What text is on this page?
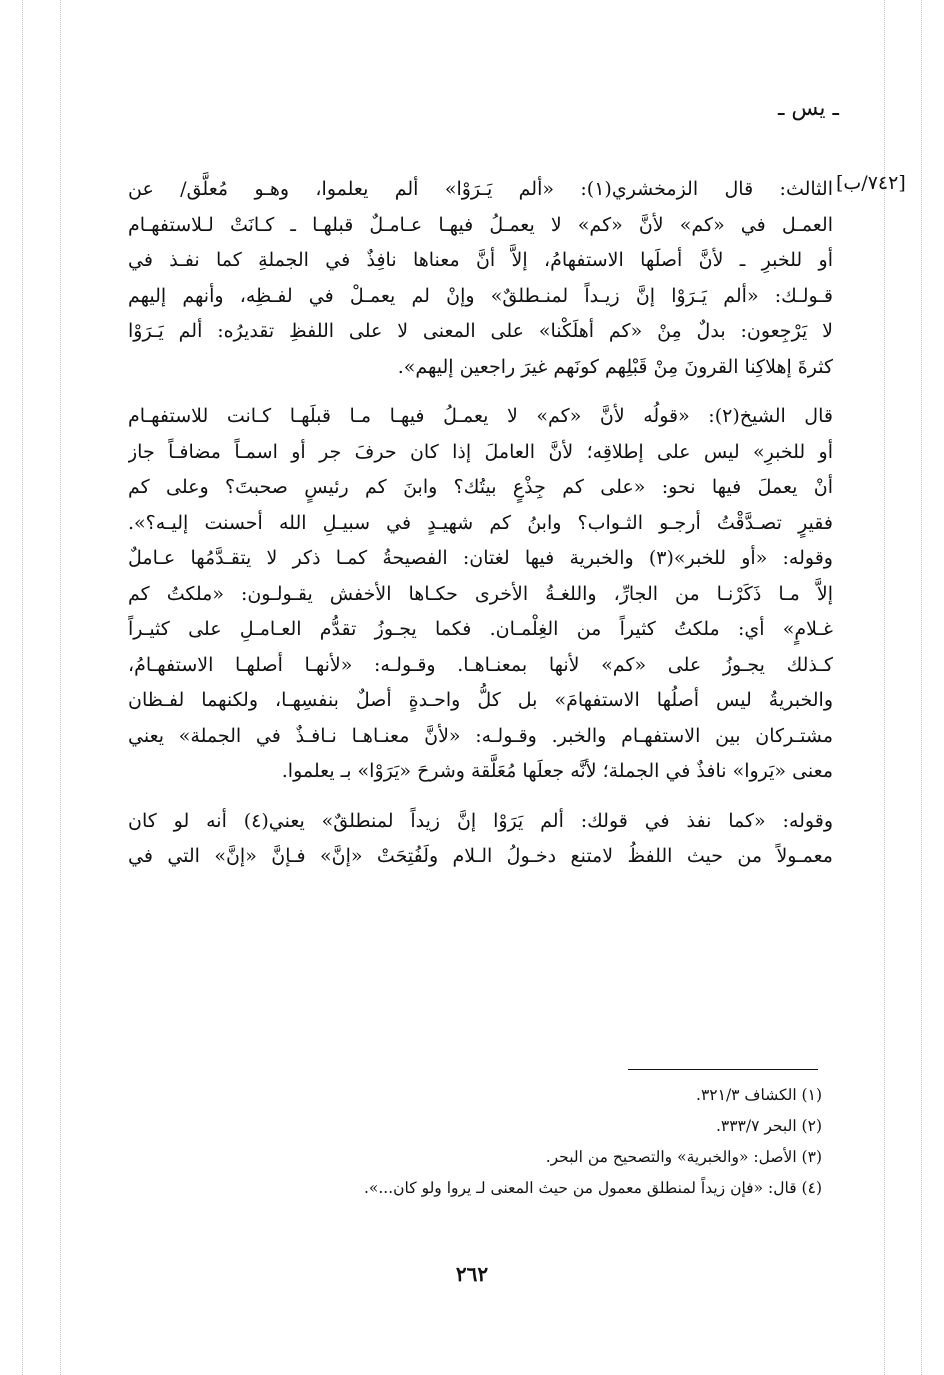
ـ يس ـ
[٧٤٢/ب]
الثالث: قال الزمخشري(١): «ألم يَـرَوْا» ألم يعلموا، وهـو مُعلَّق/ عن
العمـل في «كم» لأنَّ «كم» لا يعمـلُ فيهـا عـامـلٌ قبلهـا ـ كـانَتْ لـلاستفهـام
أو للخبرِ ـ لأنَّ أصلَها الاستفهامُ، إلاَّ أنَّ معناها نافِذٌ في الجملةِ كما نفـذ في
قـولـك: «ألم يَـرَوْا إنَّ زيـداً لمنـطلقٌ» وإنْ لم يعمـلْ في لفـظِه، وأنهم إليهم
لا يَرْجِعون: بدلٌ مِنْ «كم أهلَكْنا» على المعنى لا على اللفظِ تقديرُه: ألم يَـرَوْا
كثرةَ إهلاكِنا القرونَ مِنْ قَبْلِهم كونَهم غيرَ راجعين إليهم».
قال الشيخ(٢): «قولُه لأنَّ «كم» لا يعمـلُ فيهـا مـا قبلَهـا كـانت للاستفهـام
أو للخبرِ» ليس على إطلاقِه؛ لأنَّ العاملَ إذا كان حرفَ جر أو اسمـاً مضافـاً جاز
أنْ يعملَ فيها نحو: «على كم جِذْعٍ بيتُك؟ وابنَ كم رئيسٍ صحبتَ؟ وعلى كم
فقيرٍ تصـدَّقْتُ أرجـو الثـواب؟ وابنُ كم شهيـدٍ في سبيـلِ الله أحسنت إليـه؟».
وقوله: «أو للخبر»(٣) والخبرية فيها لغتان: الفصيحةُ كمـا ذكر لا يتقـدَّمُها عـاملٌ
إلاَّ مـا ذَكَرْنـا من الجارِّ، واللغـةُ الأخرى حكـاها الأخفش يقـولـون: «ملكتُ كم
غـلامٍ» أي: ملكتُ كثيراً من الغِلْمـان. فكما يجـوزُ تقدُّم العـامـلِ على كثيـراً
كـذلك يجـوزُ على «كم» لأنها بمعنـاهـا. وقـولـه: «لأنهـا أصلهـا الاستفهـامُ،
والخبريةُ ليس أصلُها الاستفهامَ» بل كلُّ واحـدةٍ أصلٌ بنفسِهـا، ولكنهما لفـظان
مشتـركان بين الاستفهـام والخبر. وقـولـه: «لأنَّ معنـاهـا نـافـذٌ في الجملة» يعني
معنى «يَروا» نافذٌ في الجملة؛ لأنَّه جعلَها مُعَلَّقة وشرحَ «يَرَوْا» بـ يعلموا.
وقوله: «كما نفذ في قولك: ألم يَرَوْا إنَّ زيداً لمنطلقٌ» يعني(٤) أنه لو كان
معمـولاً من حيث اللفظُ لامتنع دخـولُ الـلام ولَفُتِحَتْ «إنَّ» فـإنَّ «إنَّ» التي في
(١) الكشاف ٣٢١/٣.
(٢) البحر ٣٣٣/٧.
(٣) الأصل: «والخبرية» والتصحيح من البحر.
(٤) قال: «فإن زيداً لمنطلق معمول من حيث المعنى لـ يروا ولو كان...».
٢٦٢
